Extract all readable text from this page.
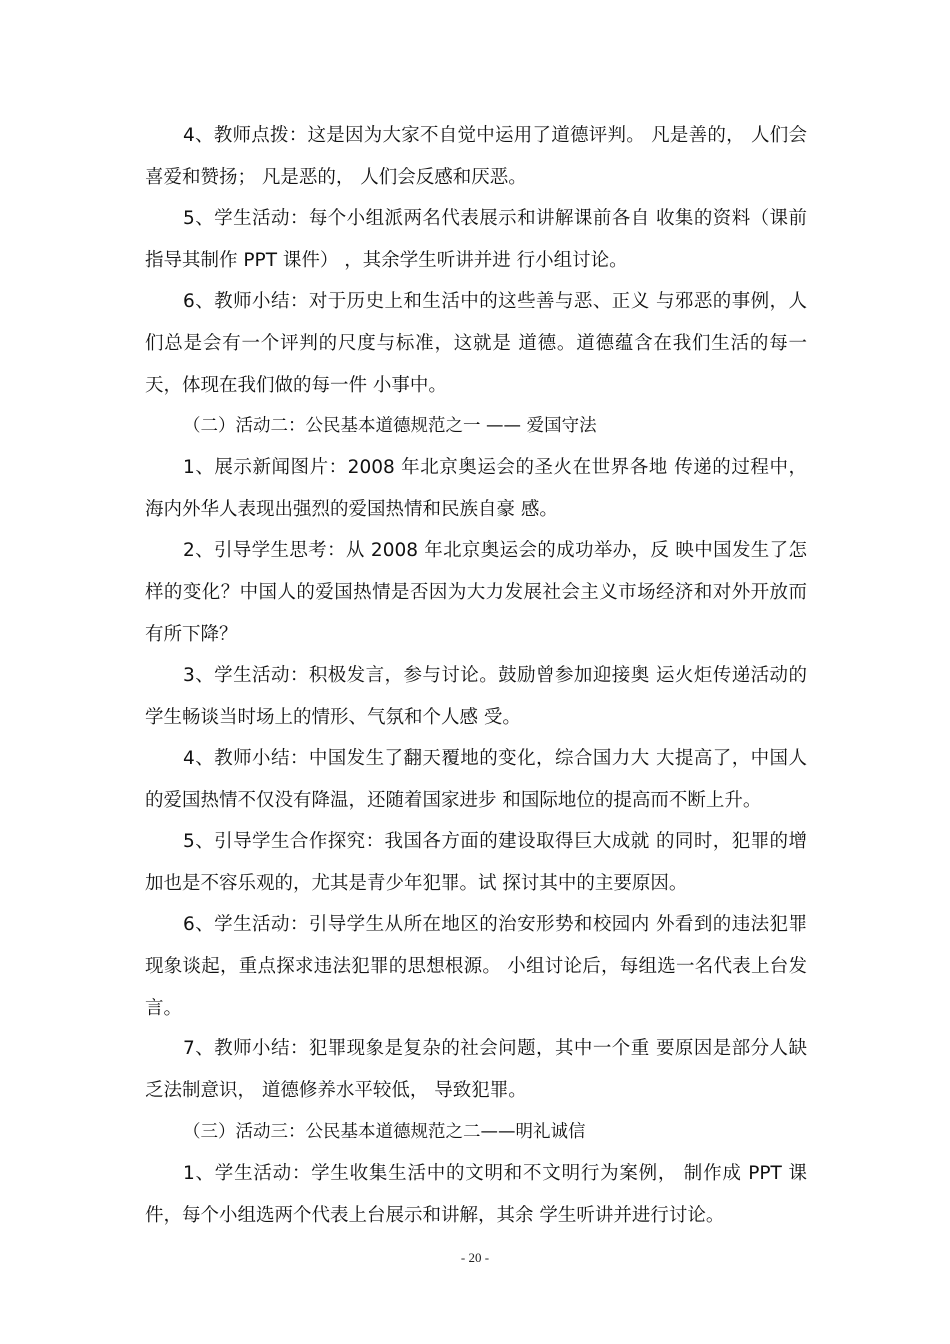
4、教师点拨：这是因为大家不自觉中运用了道德评判。 凡是善的， 人们会喜爱和赞扬； 凡是恶的， 人们会反感和厌恶。

5、学生活动：每个小组派两名代表展示和讲解课前各自 收集的资料（课前指导其制作 PPT 课件） ，其余学生听讲并进 行小组讨论。

6、教师小结：对于历史上和生活中的这些善与恶、正义 与邪恶的事例，人们总是会有一个评判的尺度与标准，这就是 道德。道德蕴含在我们生活的每一天，体现在我们做的每一件 小事中。

（二）活动二：公民基本道德规范之一 —— 爱国守法

1、展示新闻图片：2008 年北京奥运会的圣火在世界各地 传递的过程中，海内外华人表现出强烈的爱国热情和民族自豪 感。

2、引导学生思考：从 2008 年北京奥运会的成功举办，反 映中国发生了怎样的变化？中国人的爱国热情是否因为大力发展社会主义市场经济和对外开放而有所下降？

3、学生活动：积极发言，参与讨论。鼓励曾参加迎接奥 运火炬传递活动的学生畅谈当时场上的情形、气氛和个人感 受。

4、教师小结：中国发生了翻天覆地的变化，综合国力大 大提高了，中国人的爱国热情不仅没有降温，还随着国家进步 和国际地位的提高而不断上升。

5、引导学生合作探究：我国各方面的建设取得巨大成就 的同时，犯罪的增加也是不容乐观的，尤其是青少年犯罪。试 探讨其中的主要原因。

6、学生活动：引导学生从所在地区的治安形势和校园内 外看到的违法犯罪现象谈起，重点探求违法犯罪的思想根源。 小组讨论后，每组选一名代表上台发言。

7、教师小结：犯罪现象是复杂的社会问题，其中一个重 要原因是部分人缺乏法制意识， 道德修养水平较低， 导致犯罪。

（三）活动三：公民基本道德规范之二——明礼诚信

1、学生活动：学生收集生活中的文明和不文明行为案例， 制作成 PPT 课件，每个小组选两个代表上台展示和讲解，其余 学生听讲并进行讨论。

- 20 -
